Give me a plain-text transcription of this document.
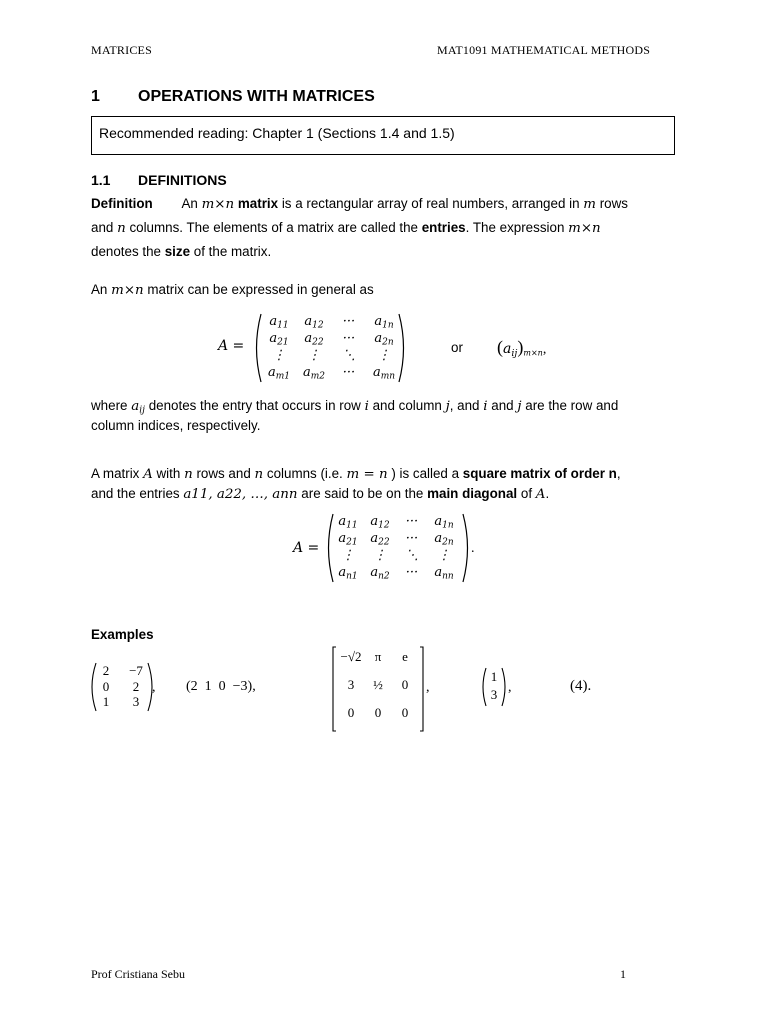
MATRICES	MAT1091 MATHEMATICAL METHODS
1 OPERATIONS WITH MATRICES
Recommended reading: Chapter 1 (Sections 1.4 and 1.5)
1.1 DEFINITIONS
Definition An m×n matrix is a rectangular array of real numbers, arranged in m rows
and n columns. The elements of a matrix are called the entries. The expression m×n
denotes the size of the matrix.
An m×n matrix can be expressed in general as
A =
$a_{11}$	$a_{12}$	···	$a_{1n}$
$a_{21}$	$a_{22}$	···	$a_{2n}$
⋮	⋮	⋱	⋮
$a_{m1}$ $a_{m2}$	···	$a_{mn}$
or $(a_{ij})_{m\times n}$,
where $a_{ij}$ denotes the entry that occurs in row i and column j, and i and j are the row and
column indices, respectively.
A matrix A with n rows and n columns (i.e. m = n ) is called a square matrix of order n,
and the entries a11, a22, …, ann are said to be on the main diagonal of A.
A =
$a_{11}$ $a_{12}$	···	$a_{1n}$
$a_{21}$ $a_{22}$	···	$a_{2n}$
⋮	⋮	⋱	⋮
$a_{n1}$ $a_{n2}$	···	$a_{nn}$
.
Examples
2	−7
0	2
1	3
, (2  1  0  −3),
−√2	π	e
3	½	0
0	0	0
,
1
3 ,	(4).
Prof Cristiana Sebu	1
